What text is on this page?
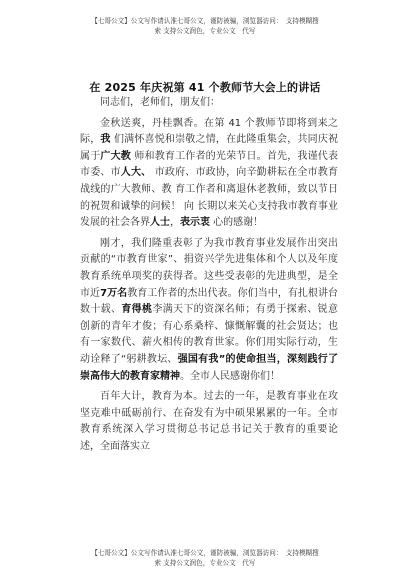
【七哥公文】公文写作请认准七哥公文，谨防被骗，浏览器访问：　支持模糊搜
索 支持公文润色，专业公文　代写
在 2025 年庆祝第 41 个教师节大会上的讲话

同志们，老师们，朋友们：

金秋送爽，丹桂飘香。在第 41 个教师节即将到来之际，我 们满怀喜悦和崇敬之情，在此隆重集会，共同庆祝属于广大教 师和教育工作者的光荣节日。首先，我谨代表市委、市人大、 市政府、市政协，向辛勤耕耘在全市教育战线的广大教师、教 育工作者和离退休老教师，致以节日的祝贺和诚挚的问候！ 向 长期以来关心支持我市教育事业发展的社会各界人士，表示衷 心的感谢！

刚才，我们隆重表彰了为我市教育事业发展作出突出贡献的“市教育世家”、捐资兴学先进集体和个人以及年度教育系统单项奖的获得者。这些受表彰的先进典型，是全市近7万名教育工作者的杰出代表。你们当中，有扎根讲台数十载、育得桃李满天下的资深名师；有勇于探索、锐意创新的青年才俊；有心系桑梓、慷慨解囊的社会贤达；也有一家数代、薪火相传的教育世家。你们用实际行动，生动诠释了“躬耕教坛、强国有我”的使命担当，深刻践行了崇高伟大的教育家精神。全市人民感谢你们！

百年大计，教育为本。过去的一年，是教育事业在攻坚克难中砥砺前行、在奋发有为中硕果累累的一年。全市教育系统深入学习贯彻总书记总书记关于教育的重要论述，全面落实立

【七哥公文】公文写作请认准七哥公文，谨防被骗，浏览器访问：　支持模糊搜
索 支持公文润色，专业公文　代写
